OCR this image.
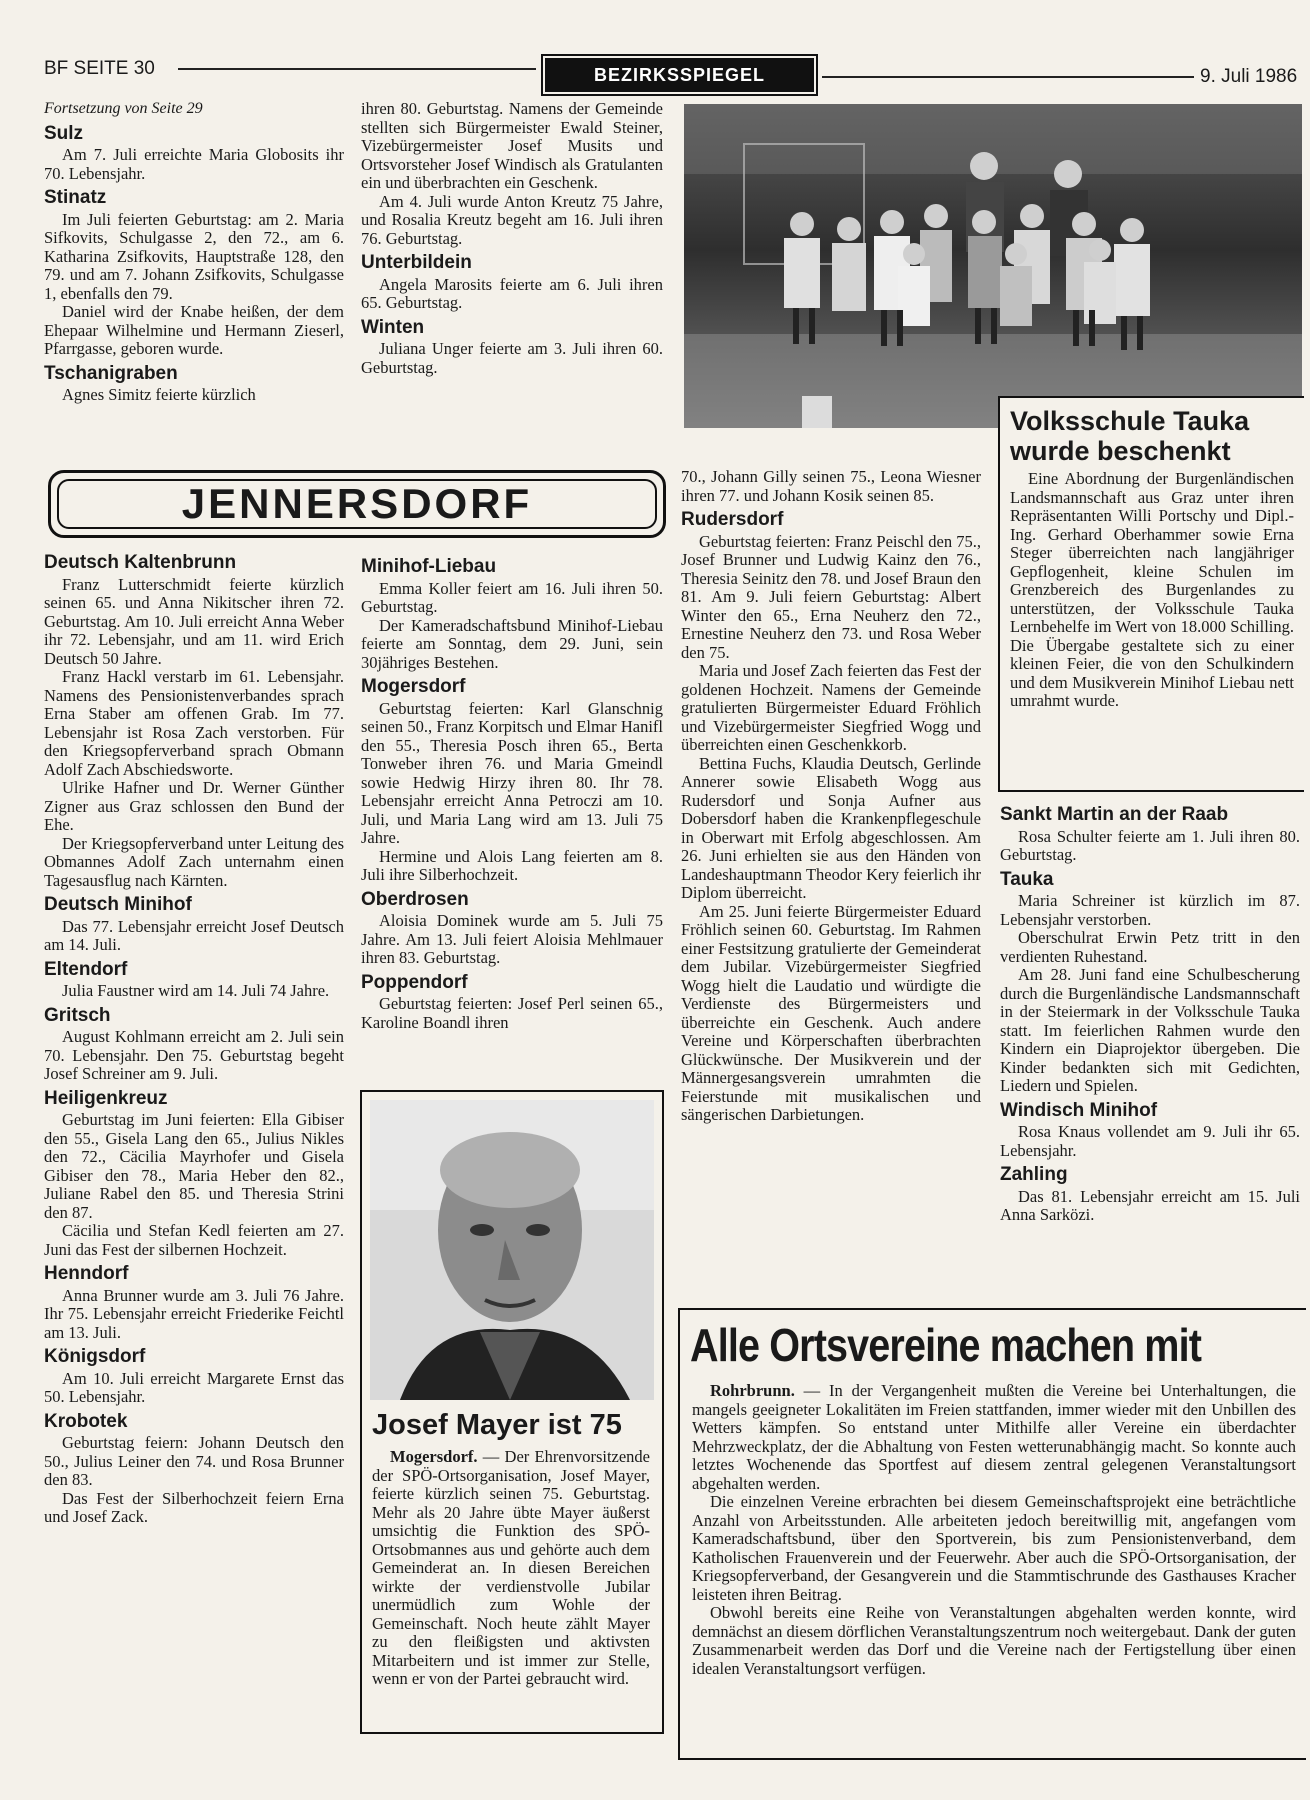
BF SEITE 30	BEZIRKSSPIEGEL	9. Juli 1986

Fortsetzung von Seite 29

Sulz

Am 7. Juli erreichte Maria Globosits ihr 70. Lebensjahr.

Stinatz

Im Juli feierten Geburtstag: am 2. Maria Sifkovits, Schulgasse 2, den 72., am 6. Katharina Zsifkovits, Hauptstraße 128, den 79. und am 7. Johann Zsifkovits, Schulgasse 1, ebenfalls den 79.

Daniel wird der Knabe heißen, der dem Ehepaar Wilhelmine und Hermann Zieserl, Pfarrgasse, geboren wurde.

Tschanigraben

Agnes Simitz feierte kürzlich

ihren 80. Geburtstag. Namens der Gemeinde stellten sich Bürgermeister Ewald Steiner, Vizebürgermeister Josef Musits und Ortsvorsteher Josef Windisch als Gratulanten ein und überbrachten ein Geschenk.

Am 4. Juli wurde Anton Kreutz 75 Jahre, und Rosalia Kreutz begeht am 16. Juli ihren 76. Geburtstag.

Unterbildein

Angela Marosits feierte am 6. Juli ihren 65. Geburtstag.

Winten

Juliana Unger feierte am 3. Juli ihren 60. Geburtstag.

Volksschule Tauka
wurde beschenkt

Eine Abordnung der Burgenländischen Landsmannschaft aus Graz unter ihren Repräsentanten Willi Portschy und Dipl.-Ing. Gerhard Oberhammer sowie Erna Steger überreichten nach langjähriger Gepflogenheit, kleine Schulen im Grenzbereich des Burgenlandes zu unterstützen, der Volksschule Tauka Lernbehelfe im Wert von 18.000 Schilling. Die Übergabe gestaltete sich zu einer kleinen Feier, die von den Schulkindern und dem Musikverein Minihof Liebau nett umrahmt wurde.

JENNERSDORF
Deutsch Kaltenbrunn

Franz Lutterschmidt feierte kürzlich seinen 65. und Anna Nikitscher ihren 72. Geburtstag. Am 10. Juli erreicht Anna Weber ihr 72. Lebensjahr, und am 11. wird Erich Deutsch 50 Jahre.

Franz Hackl verstarb im 61. Lebensjahr. Namens des Pensionistenverbandes sprach Erna Staber am offenen Grab. Im 77. Lebensjahr ist Rosa Zach verstorben. Für den Kriegsopferverband sprach Obmann Adolf Zach Abschiedsworte.

Ulrike Hafner und Dr. Werner Günther Zigner aus Graz schlossen den Bund der Ehe.

Der Kriegsopferverband unter Leitung des Obmannes Adolf Zach unternahm einen Tagesausflug nach Kärnten.

Deutsch Minihof

Das 77. Lebensjahr erreicht Josef Deutsch am 14. Juli.

Eltendorf

Julia Faustner wird am 14. Juli 74 Jahre.

Gritsch

August Kohlmann erreicht am 2. Juli sein 70. Lebensjahr. Den 75. Geburtstag begeht Josef Schreiner am 9. Juli.

Heiligenkreuz

Geburtstag im Juni feierten: Ella Gibiser den 55., Gisela Lang den 65., Julius Nikles den 72., Cäcilia Mayrhofer und Gisela Gibiser den 78., Maria Heber den 82., Juliane Rabel den 85. und Theresia Strini den 87.

Cäcilia und Stefan Kedl feierten am 27. Juni das Fest der silbernen Hochzeit.

Henndorf

Anna Brunner wurde am 3. Juli 76 Jahre. Ihr 75. Lebensjahr erreicht Friederike Feichtl am 13. Juli.

Königsdorf

Am 10. Juli erreicht Margarete Ernst das 50. Lebensjahr.

Krobotek

Geburtstag feiern: Johann Deutsch den 50., Julius Leiner den 74. und Rosa Brunner den 83.

Das Fest der Silberhochzeit feiern Erna und Josef Zack.

Minihof-Liebau

Emma Koller feiert am 16. Juli ihren 50. Geburtstag.

Der Kameradschaftsbund Minihof-Liebau feierte am Sonntag, dem 29. Juni, sein 30jähriges Bestehen.

Mogersdorf

Geburtstag feierten: Karl Glanschnig seinen 50., Franz Korpitsch und Elmar Hanifl den 55., Theresia Posch ihren 65., Berta Tonweber ihren 76. und Maria Gmeindl sowie Hedwig Hirzy ihren 80. Ihr 78. Lebensjahr erreicht Anna Petroczi am 10. Juli, und Maria Lang wird am 13. Juli 75 Jahre.

Hermine und Alois Lang feierten am 8. Juli ihre Silberhochzeit.

Oberdrosen

Aloisia Dominek wurde am 5. Juli 75 Jahre. Am 13. Juli feiert Aloisia Mehlmauer ihren 83. Geburtstag.

Poppendorf

Geburtstag feierten: Josef Perl seinen 65., Karoline Boandl ihren

Josef Mayer ist 75

Mogersdorf. — Der Ehrenvorsitzende der SPÖ-Ortsorganisation, Josef Mayer, feierte kürzlich seinen 75. Geburtstag. Mehr als 20 Jahre übte Mayer äußerst umsichtig die Funktion des SPÖ-Ortsobmannes aus und gehörte auch dem Gemeinderat an. In diesen Bereichen wirkte der verdienstvolle Jubilar unermüdlich zum Wohle der Gemeinschaft. Noch heute zählt Mayer zu den fleißigsten und aktivsten Mitarbeitern und ist immer zur Stelle, wenn er von der Partei gebraucht wird.

70., Johann Gilly seinen 75., Leona Wiesner ihren 77. und Johann Kosik seinen 85.

Rudersdorf

Geburtstag feierten: Franz Peischl den 75., Josef Brunner und Ludwig Kainz den 76., Theresia Seinitz den 78. und Josef Braun den 81. Am 9. Juli feiern Geburtstag: Albert Winter den 65., Erna Neuherz den 72., Ernestine Neuherz den 73. und Rosa Weber den 75.

Maria und Josef Zach feierten das Fest der goldenen Hochzeit. Namens der Gemeinde gratulierten Bürgermeister Eduard Fröhlich und Vizebürgermeister Siegfried Wogg und überreichten einen Geschenkkorb.

Bettina Fuchs, Klaudia Deutsch, Gerlinde Annerer sowie Elisabeth Wogg aus Rudersdorf und Sonja Aufner aus Dobersdorf haben die Krankenpflegeschule in Oberwart mit Erfolg abgeschlossen. Am 26. Juni erhielten sie aus den Händen von Landeshauptmann Theodor Kery feierlich ihr Diplom überreicht.

Am 25. Juni feierte Bürgermeister Eduard Fröhlich seinen 60. Geburtstag. Im Rahmen einer Festsitzung gratulierte der Gemeinderat dem Jubilar. Vizebürgermeister Siegfried Wogg hielt die Laudatio und würdigte die Verdienste des Bürgermeisters und überreichte ein Geschenk. Auch andere Vereine und Körperschaften überbrachten Glückwünsche. Der Musikverein und der Männergesangsverein umrahmten die Feierstunde mit musikalischen und sängerischen Darbietungen.

Sankt Martin an der Raab

Rosa Schulter feierte am 1. Juli ihren 80. Geburtstag.

Tauka

Maria Schreiner ist kürzlich im 87. Lebensjahr verstorben.

Oberschulrat Erwin Petz tritt in den verdienten Ruhestand.

Am 28. Juni fand eine Schulbescherung durch die Burgenländische Landsmannschaft in der Steiermark in der Volksschule Tauka statt. Im feierlichen Rahmen wurde den Kindern ein Diaprojektor übergeben. Die Kinder bedankten sich mit Gedichten, Liedern und Spielen.

Windisch Minihof

Rosa Knaus vollendet am 9. Juli ihr 65. Lebensjahr.

Zahling

Das 81. Lebensjahr erreicht am 15. Juli Anna Sarközi.

Alle Ortsvereine machen mit

Rohrbrunn. — In der Vergangenheit mußten die Vereine bei Unterhaltungen, die mangels geeigneter Lokalitäten im Freien stattfanden, immer wieder mit den Unbillen des Wetters kämpfen. So entstand unter Mithilfe aller Vereine ein überdachter Mehrzweckplatz, der die Abhaltung von Festen wetterunabhängig macht. So konnte auch letztes Wochenende das Sportfest auf diesem zentral gelegenen Veranstaltungsort abgehalten werden.

Die einzelnen Vereine erbrachten bei diesem Gemeinschaftsprojekt eine beträchtliche Anzahl von Arbeitsstunden. Alle arbeiteten jedoch bereitwillig mit, angefangen vom Kameradschaftsbund, über den Sportverein, bis zum Pensionistenverband, dem Katholischen Frauenverein und der Feuerwehr. Aber auch die SPÖ-Ortsorganisation, der Kriegsopferverband, der Gesangverein und die Stammtischrunde des Gasthauses Kracher leisteten ihren Beitrag.

Obwohl bereits eine Reihe von Veranstaltungen abgehalten werden konnte, wird demnächst an diesem dörflichen Veranstaltungszentrum noch weitergebaut. Dank der guten Zusammenarbeit werden das Dorf und die Vereine nach der Fertigstellung über einen idealen Veranstaltungsort verfügen.
